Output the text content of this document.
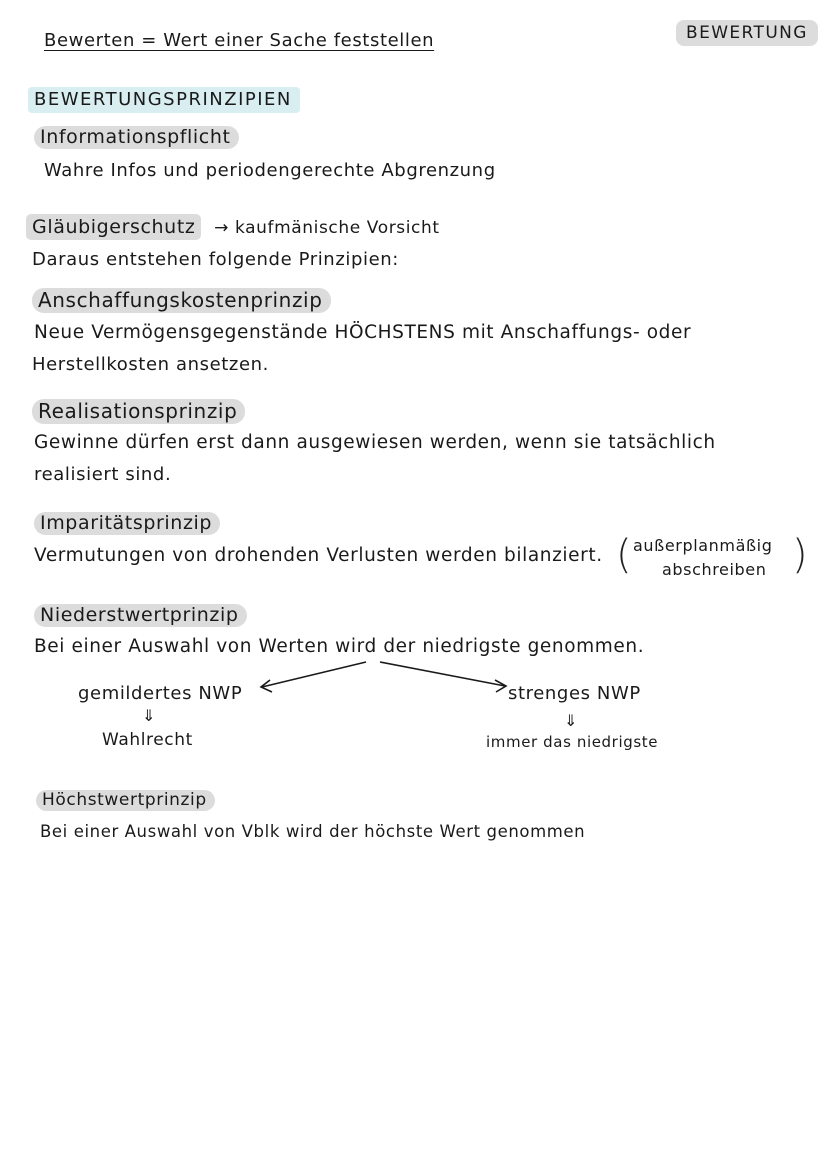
Bewerten = Wert einer Sache feststellen	BEWERTUNG
BEWERTUNGSPRINZIPIEN
Informationspflicht
Wahre Infos und periodengerechte Abgrenzung
Gläubigerschutz → kaufmänische Vorsicht
Daraus entstehen folgende Prinzipien:
Anschaffungskostenprinzip
Neue Vermögensgegenstände HÖCHSTENS mit Anschaffungs- oder
Herstellkosten ansetzen.
Realisationsprinzip
Gewinne dürfen erst dann ausgewiesen werden, wenn sie tatsächlich
realisiert sind.
Imparitätsprinzip
Vermutungen von drohenden Verlusten werden bilanziert. ( außerplanmäßig
abschreiben )
Niederstwertprinzip
Bei einer Auswahl von Werten wird der niedrigste genommen.
gemildertes NWP
⇓
Wahlrecht
strenges NWP
⇓
immer das niedrigste
Höchstwertprinzip
Bei einer Auswahl von Vblk wird der höchste Wert genommen
